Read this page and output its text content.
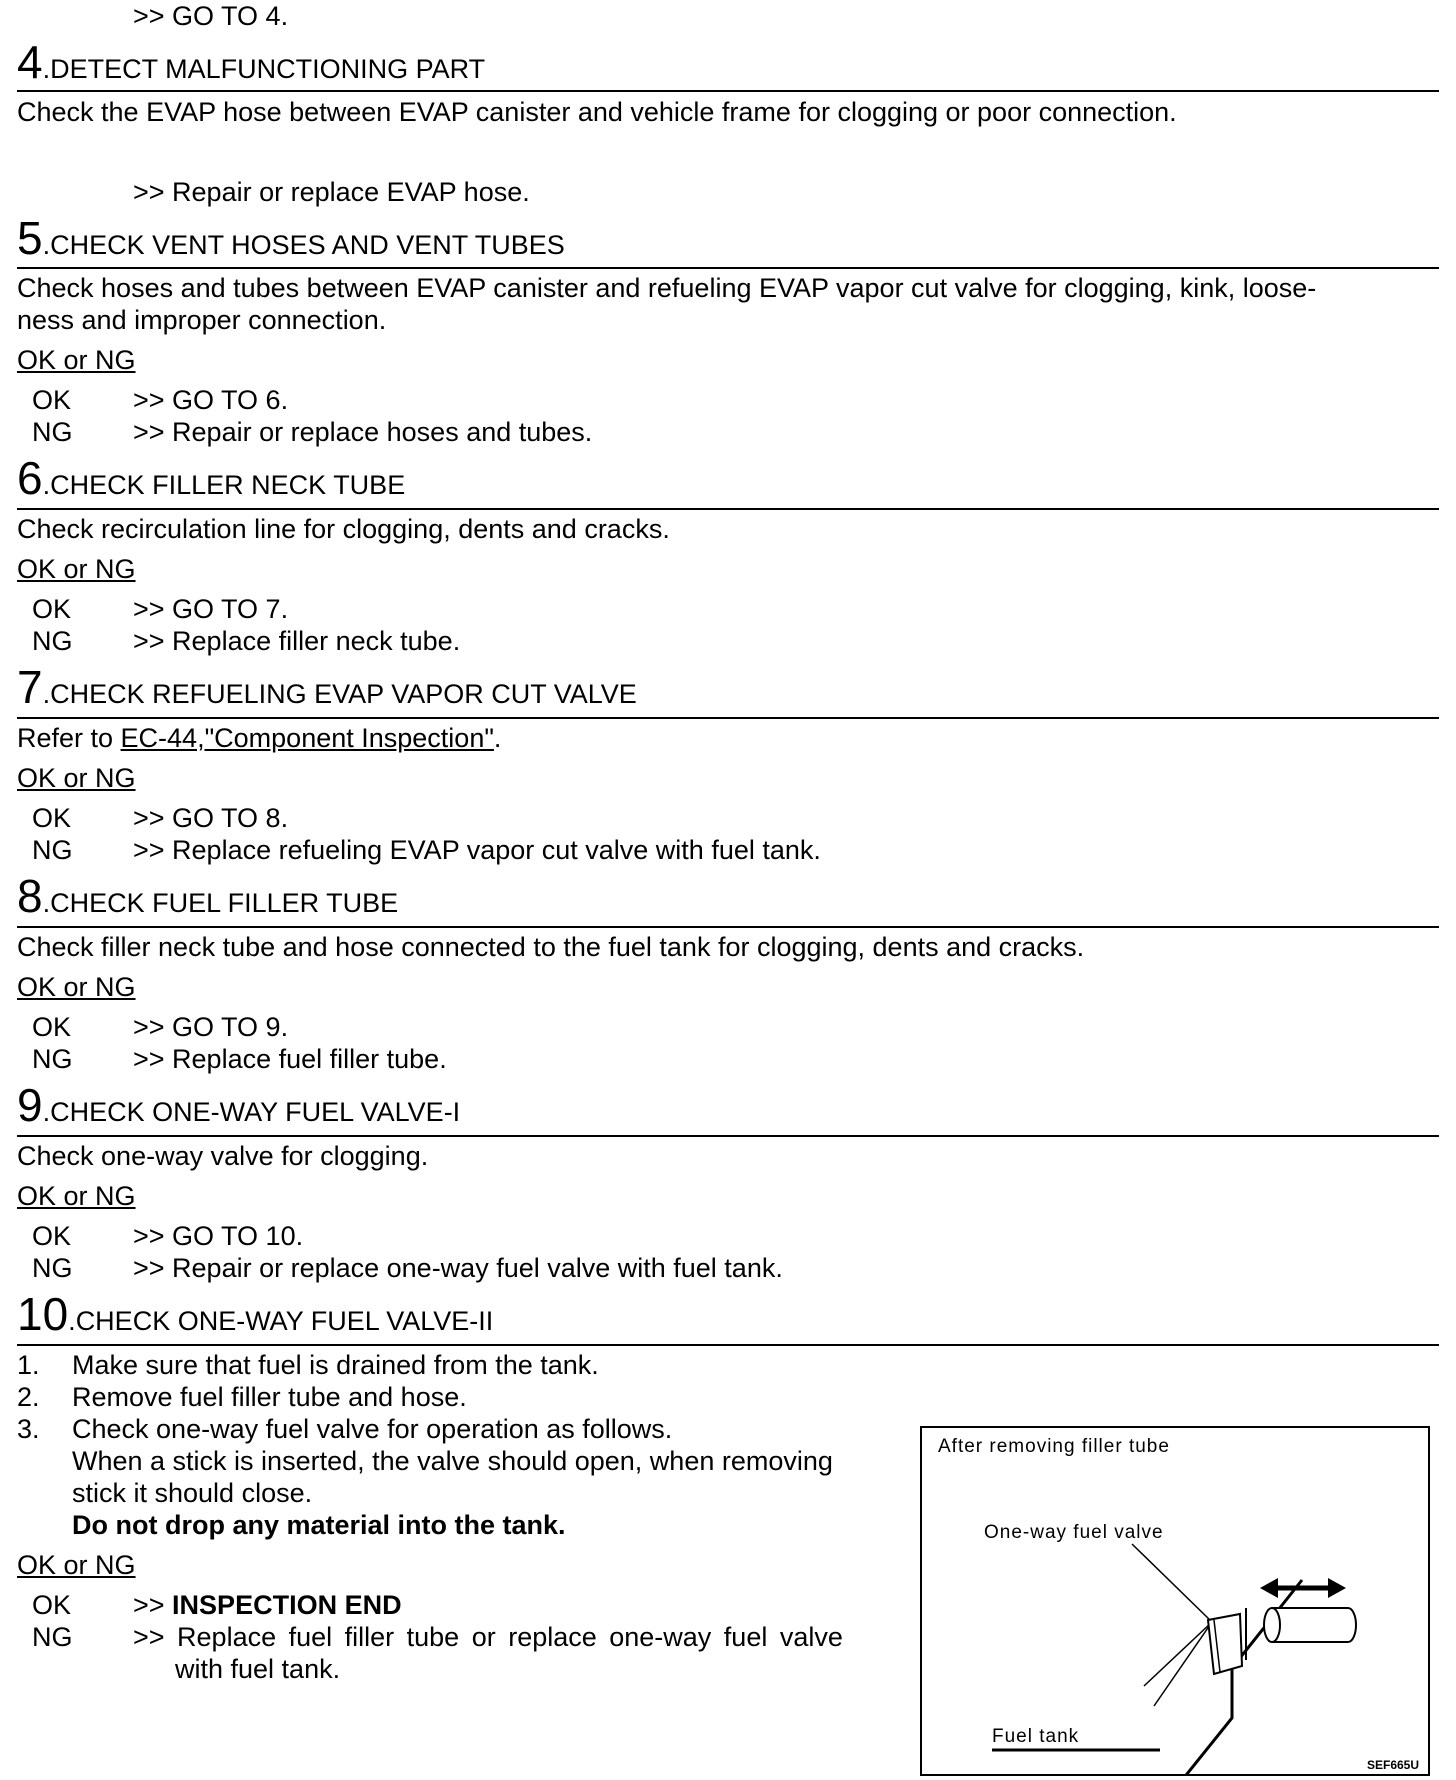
>> GO TO 4.
4.DETECT MALFUNCTIONING PART
Check the EVAP hose between EVAP canister and vehicle frame for clogging or poor connection.
>> Repair or replace EVAP hose.
5.CHECK VENT HOSES AND VENT TUBES
Check hoses and tubes between EVAP canister and refueling EVAP vapor cut valve for clogging, kink, loose-
ness and improper connection.
OK or NG
OK >> GO TO 6.
NG >> Repair or replace hoses and tubes.
6.CHECK FILLER NECK TUBE
Check recirculation line for clogging, dents and cracks.
OK or NG
OK >> GO TO 7.
NG >> Replace filler neck tube.
7.CHECK REFUELING EVAP VAPOR CUT VALVE
Refer to EC-44,"Component Inspection".
OK or NG
OK >> GO TO 8.
NG >> Replace refueling EVAP vapor cut valve with fuel tank.
8.CHECK FUEL FILLER TUBE
Check filler neck tube and hose connected to the fuel tank for clogging, dents and cracks.
OK or NG
OK >> GO TO 9.
NG >> Replace fuel filler tube.
9.CHECK ONE-WAY FUEL VALVE-I
Check one-way valve for clogging.
OK or NG
OK >> GO TO 10.
NG >> Repair or replace one-way fuel valve with fuel tank.
10.CHECK ONE-WAY FUEL VALVE-II
1. Make sure that fuel is drained from the tank.
2. Remove fuel filler tube and hose.
3. Check one-way fuel valve for operation as follows.
When a stick is inserted, the valve should open, when removing
stick it should close.
Do not drop any material into the tank.
OK or NG
OK >> INSPECTION END
NG >> Replace fuel filler tube or replace one-way fuel valve
with fuel tank.
After removing filler tube
One-way fuel valve
Fuel tank
SEF665U
